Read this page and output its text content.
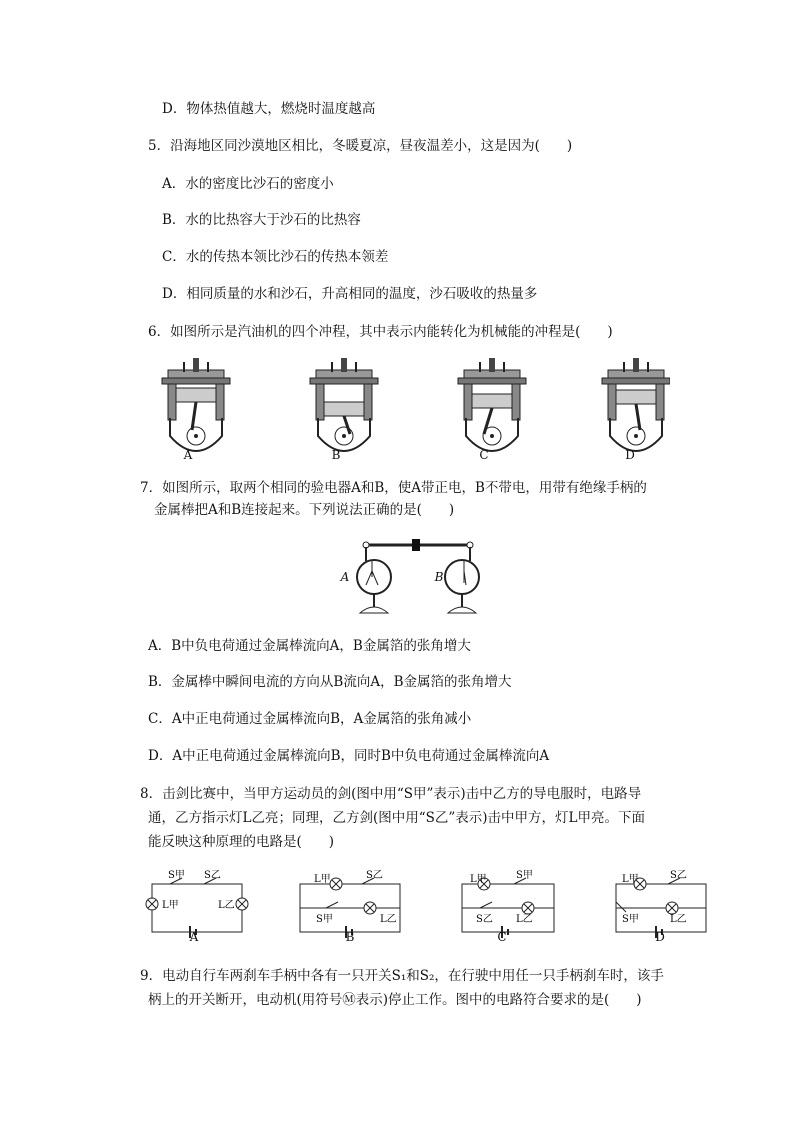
D．物体热值越大，燃烧时温度越高
5．沿海地区同沙漠地区相比，冬暖夏凉，昼夜温差小，这是因为(　　)
A．水的密度比沙石的密度小
B．水的比热容大于沙石的比热容
C．水的传热本领比沙石的传热本领差
D．相同质量的水和沙石，升高相同的温度，沙石吸收的热量多
6．如图所示是汽油机的四个冲程，其中表示内能转化为机械能的冲程是(　　)
A	B	C	D
7．如图所示，取两个相同的验电器A和B，使A带正电，B不带电，用带有绝缘手柄的
金属棒把A和B连接起来。下列说法正确的是(　　)
A	B
A．B中负电荷通过金属棒流向A，B金属箔的张角增大
B．金属棒中瞬间电流的方向从B流向A，B金属箔的张角增大
C．A中正电荷通过金属棒流向B，A金属箔的张角减小
D．A中正电荷通过金属棒流向B，同时B中负电荷通过金属棒流向A
8．击剑比赛中，当甲方运动员的剑(图中用“S甲”表示)击中乙方的导电服时，电路导
通，乙方指示灯L乙亮；同理，乙方剑(图中用“S乙”表示)击中甲方，灯L甲亮。下面
能反映这种原理的电路是(　　)
S甲 S乙
L甲	L乙
L甲	S乙
S甲	L乙
L甲	S甲
S乙 L乙
L甲	S乙
S甲	L乙
A	B	C	D
9．电动自行车两刹车手柄中各有一只开关S₁和S₂，在行驶中用任一只手柄刹车时，该手
柄上的开关断开，电动机(用符号Ⓜ表示)停止工作。图中的电路符合要求的是(　　)
